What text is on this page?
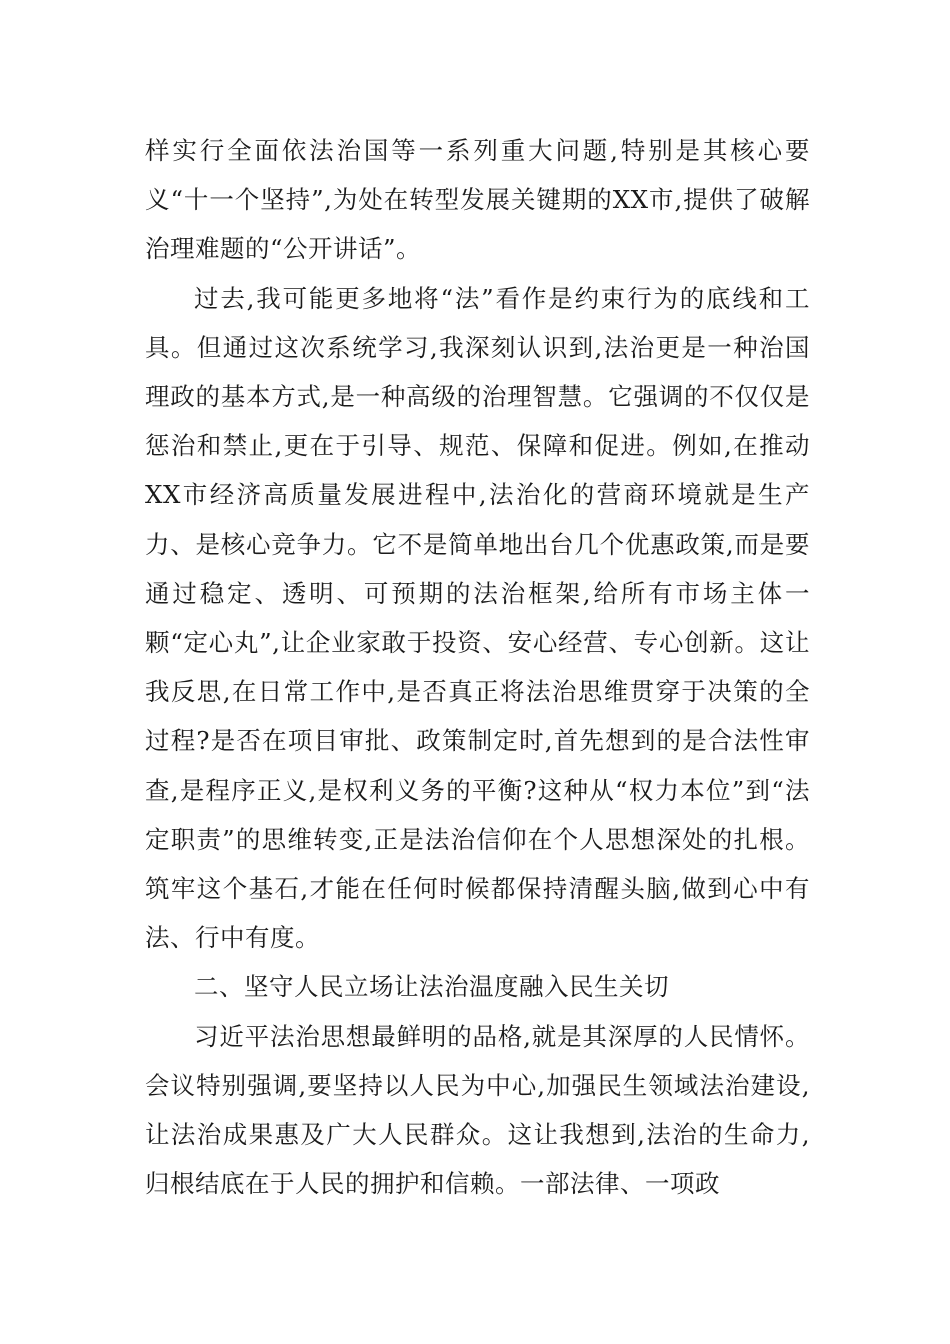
样实行全面依法治国等一系列重大问题,特别是其核心要义“十一个坚持”,为处在转型发展关键期的XX市,提供了破解治理难题的“公开讲话”。

过去,我可能更多地将“法”看作是约束行为的底线和工具。但通过这次系统学习,我深刻认识到,法治更是一种治国理政的基本方式,是一种高级的治理智慧。它强调的不仅仅是惩治和禁止,更在于引导、规范、保障和促进。例如,在推动XX市经济高质量发展进程中,法治化的营商环境就是生产力、是核心竞争力。它不是简单地出台几个优惠政策,而是要通过稳定、透明、可预期的法治框架,给所有市场主体一颗“定心丸”,让企业家敢于投资、安心经营、专心创新。这让我反思,在日常工作中,是否真正将法治思维贯穿于决策的全过程?是否在项目审批、政策制定时,首先想到的是合法性审查,是程序正义,是权利义务的平衡?这种从“权力本位”到“法定职责”的思维转变,正是法治信仰在个人思想深处的扎根。筑牢这个基石,才能在任何时候都保持清醒头脑,做到心中有法、行中有度。

二、坚守人民立场让法治温度融入民生关切

习近平法治思想最鲜明的品格,就是其深厚的人民情怀。会议特别强调,要坚持以人民为中心,加强民生领域法治建设,让法治成果惠及广大人民群众。这让我想到,法治的生命力,归根结底在于人民的拥护和信赖。一部法律、一项政
